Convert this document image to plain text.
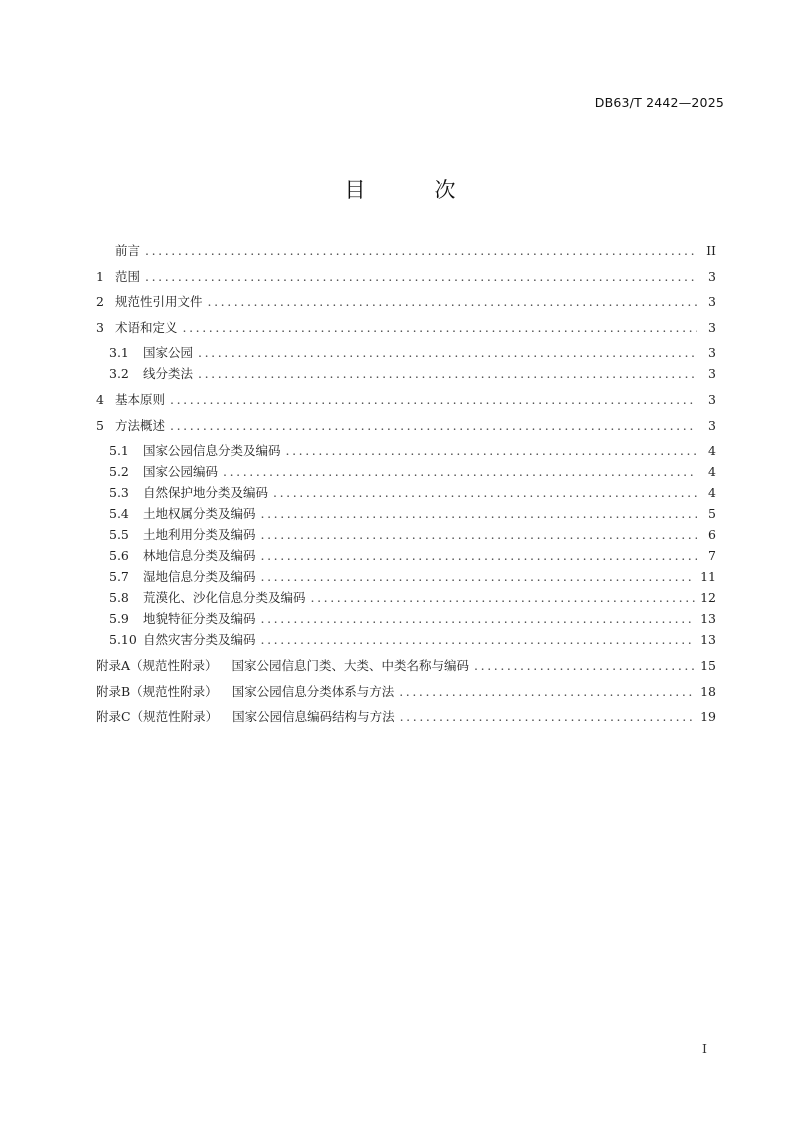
DB63/T 2442—2025
目　次
前言 .....	II
1 范围 .....	3
2 规范性引用文件 .....	3
3 术语和定义 .....	3
3.1	国家公园 .....	3
3.2	线分类法 .....	3
4 基本原则 .....	3
5 方法概述 .....	3
5.1	国家公园信息分类及编码 .....	4
5.2	国家公园编码 .....	4
5.3	自然保护地分类及编码 .....	4
5.4	土地权属分类及编码 .....	5
5.5	土地利用分类及编码 .....	6
5.6	林地信息分类及编码 .....	7
5.7	湿地信息分类及编码 .....	11
5.8	荒漠化、沙化信息分类及编码 .....	12
5.9	地貌特征分类及编码 .....	13
5.10 自然灾害分类及编码 .....	13
附录A（规范性附录） 国家公园信息门类、大类、中类名称与编码 .....	15
附录B（规范性附录） 国家公园信息分类体系与方法 .....	18
附录C（规范性附录） 国家公园信息编码结构与方法 .....	19
I
